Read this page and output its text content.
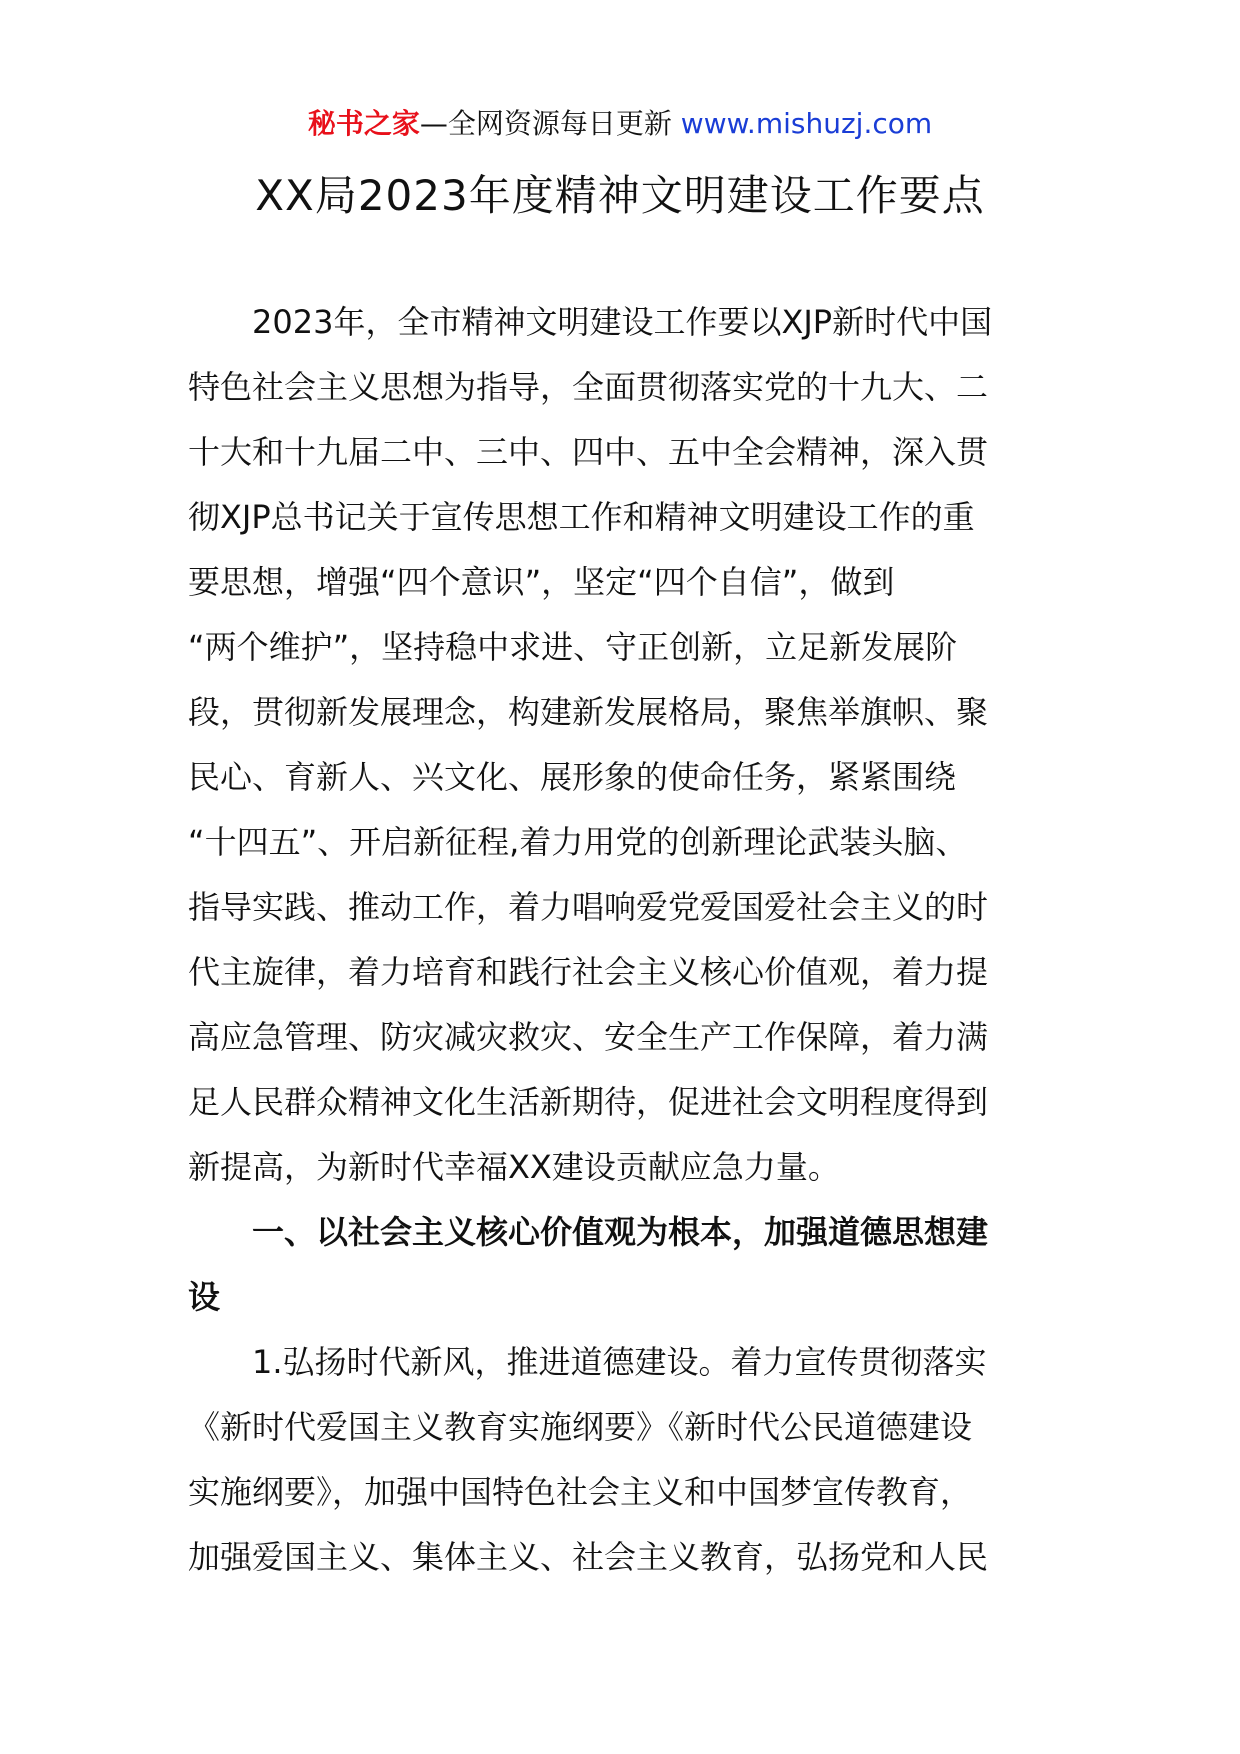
秘书之家—全网资源每日更新 www.mishuzj.com
XX局2023年度精神文明建设工作要点
2023年，全市精神文明建设工作要以XJP新时代中国
特色社会主义思想为指导，全面贯彻落实党的十九大、二
十大和十九届二中、三中、四中、五中全会精神，深入贯
彻XJP总书记关于宣传思想工作和精神文明建设工作的重
要思想，增强“四个意识”，坚定“四个自信”，做到
“两个维护”，坚持稳中求进、守正创新，立足新发展阶
段，贯彻新发展理念，构建新发展格局，聚焦举旗帜、聚
民心、育新人、兴文化、展形象的使命任务，紧紧围绕
“十四五”、开启新征程,着力用党的创新理论武装头脑、
指导实践、推动工作，着力唱响爱党爱国爱社会主义的时
代主旋律，着力培育和践行社会主义核心价值观，着力提
高应急管理、防灾减灾救灾、安全生产工作保障，着力满
足人民群众精神文化生活新期待，促进社会文明程度得到
新提高，为新时代幸福XX建设贡献应急力量。
一、以社会主义核心价值观为根本，加强道德思想建
设
1.弘扬时代新风，推进道德建设。着力宣传贯彻落实
《新时代爱国主义教育实施纲要》《新时代公民道德建设
实施纲要》，加强中国特色社会主义和中国梦宣传教育，
加强爱国主义、集体主义、社会主义教育，弘扬党和人民
